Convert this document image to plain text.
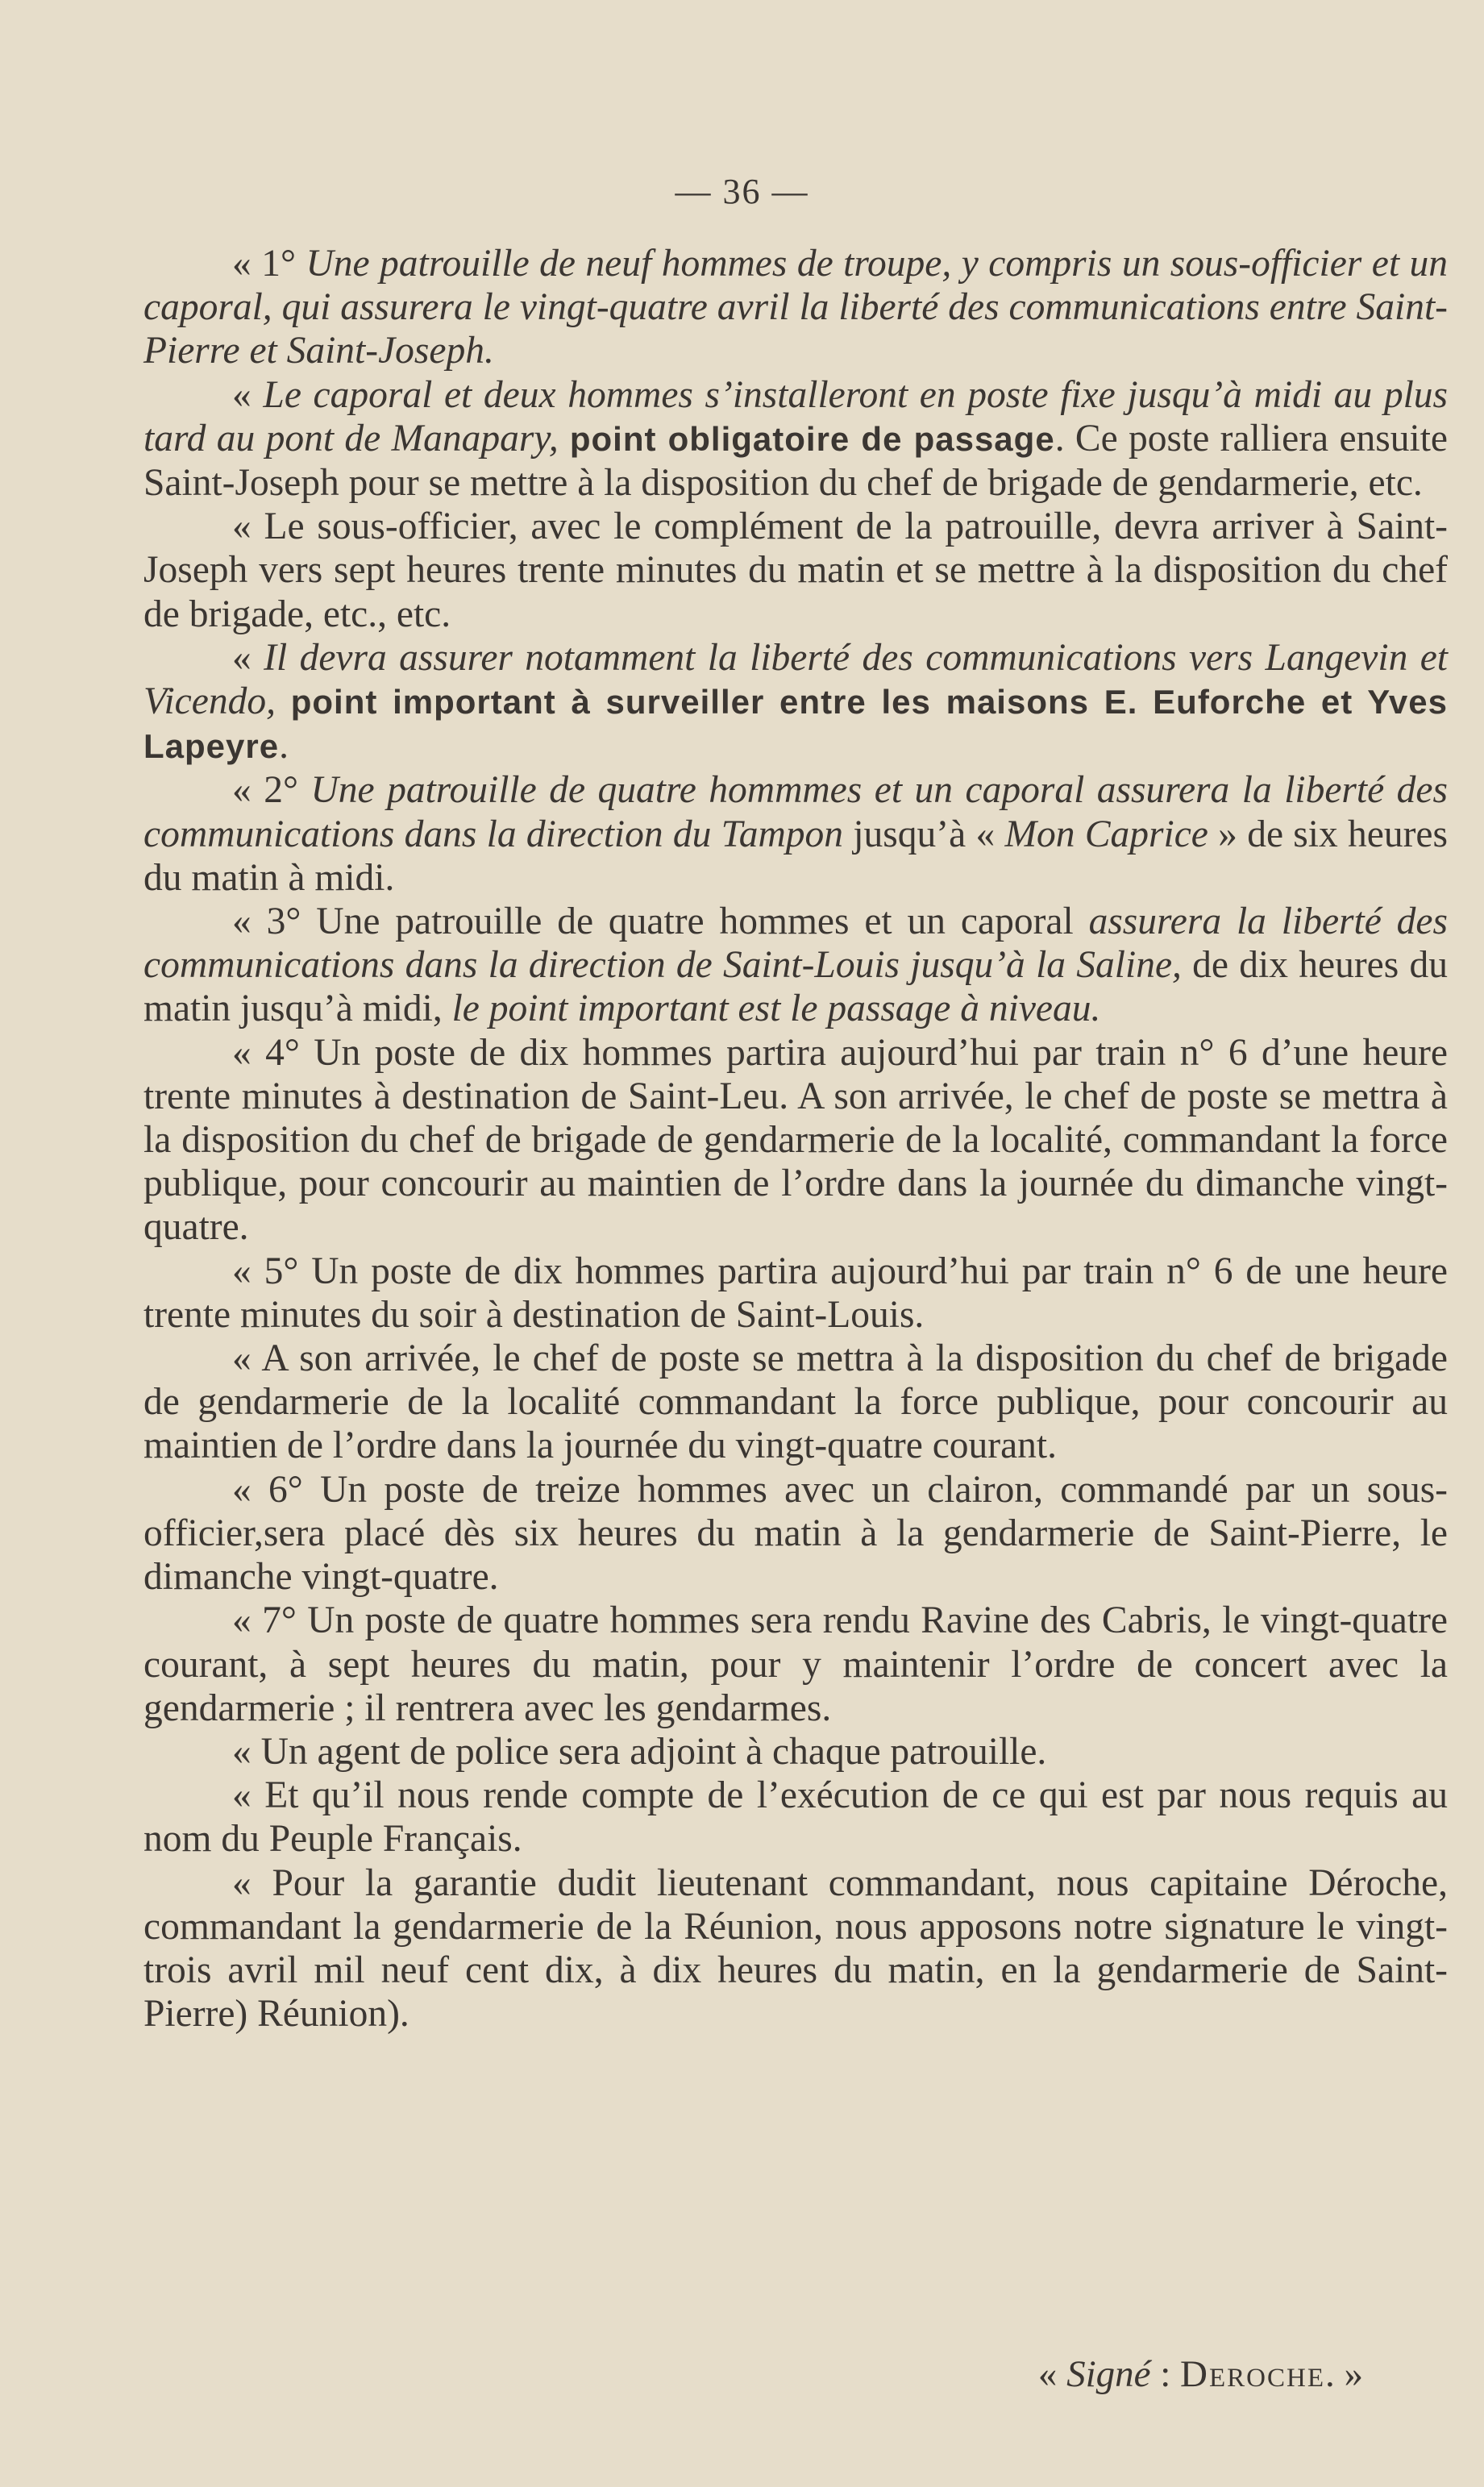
— 36 —

« 1° Une patrouille de neuf hommes de troupe, y compris un sous-officier et un caporal, qui assurera le vingt-quatre avril la liberté des communications entre Saint-Pierre et Saint-Joseph.

« Le caporal et deux hommes s’installeront en poste fixe jusqu’à midi au plus tard au pont de Manapary, point obligatoire de passage. Ce poste ralliera ensuite Saint-Joseph pour se mettre à la disposition du chef de brigade de gendarmerie, etc.

« Le sous-officier, avec le complément de la patrouille, devra arriver à Saint-Joseph vers sept heures trente minutes du matin et se mettre à la disposition du chef de brigade, etc., etc.

« Il devra assurer notamment la liberté des communications vers Langevin et Vicendo, point important à surveiller entre les maisons E. Euforche et Yves Lapeyre.

« 2° Une patrouille de quatre hommmes et un caporal assurera la liberté des communications dans la direction du Tampon jusqu’à « Mon Caprice » de six heures du matin à midi.

« 3° Une patrouille de quatre hommes et un caporal assurera la liberté des communications dans la direction de Saint-Louis jusqu’à la Saline, de dix heures du matin jusqu’à midi, le point important est le passage à niveau.

« 4° Un poste de dix hommes partira aujourd’hui par train n° 6 d’une heure trente minutes à destination de Saint-Leu. A son arrivée, le chef de poste se mettra à la disposition du chef de brigade de gendarmerie de la localité, commandant la force publique, pour concourir au maintien de l’ordre dans la journée du dimanche vingt-quatre.

« 5° Un poste de dix hommes partira aujourd’hui par train n° 6 de une heure trente minutes du soir à destination de Saint-Louis.

« A son arrivée, le chef de poste se mettra à la disposition du chef de brigade de gendarmerie de la localité commandant la force publique, pour concourir au maintien de l’ordre dans la journée du vingt-quatre courant.

« 6° Un poste de treize hommes avec un clairon, commandé par un sous-officier,sera placé dès six heures du matin à la gendarmerie de Saint-Pierre, le dimanche vingt-quatre.

« 7° Un poste de quatre hommes sera rendu Ravine des Cabris, le vingt-quatre courant, à sept heures du matin, pour y maintenir l’ordre de concert avec la gendarmerie ; il rentrera avec les gendarmes.

« Un agent de police sera adjoint à chaque patrouille.

« Et qu’il nous rende compte de l’exécution de ce qui est par nous requis au nom du Peuple Français.

« Pour la garantie dudit lieutenant commandant, nous capitaine Déroche, commandant la gendarmerie de la Réunion, nous apposons notre signature le vingt-trois avril mil neuf cent dix, à dix heures du matin, en la gendarmerie de Saint-Pierre) Réunion).

« Signé : Deroche. »
